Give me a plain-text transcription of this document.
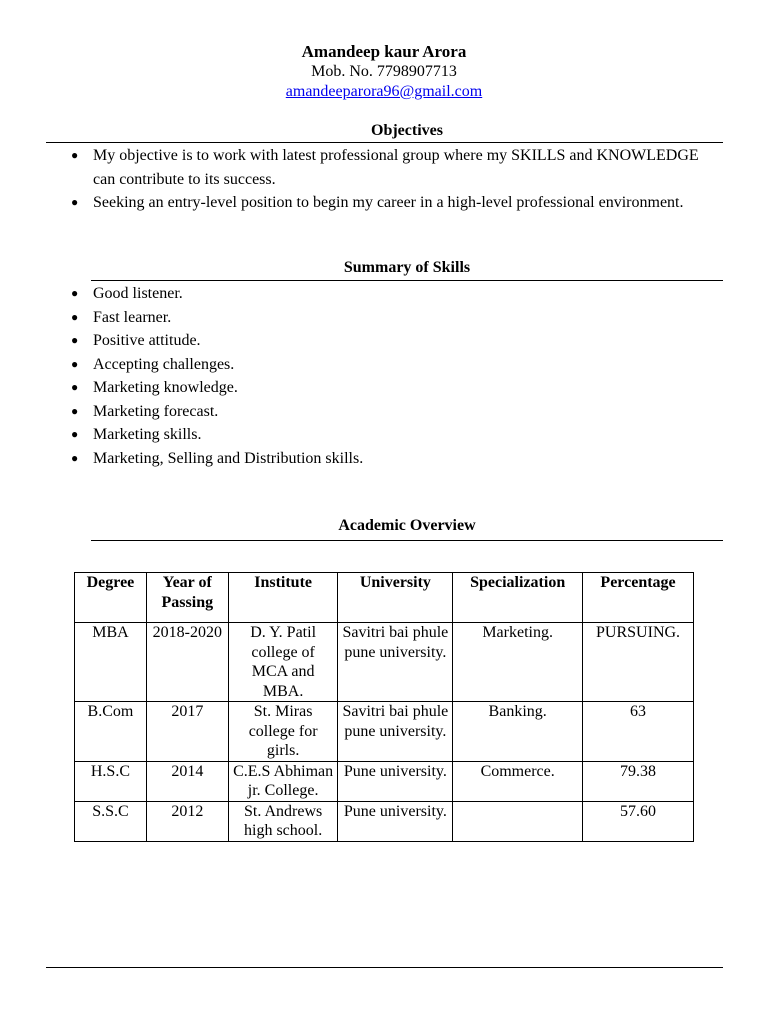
Amandeep kaur Arora
Mob. No. 7798907713
amandeeparora96@gmail.com
Objectives
● My objective is to work with latest professional group where my SKILLS and KNOWLEDGE can contribute to its success.
● Seeking an entry-level position to begin my career in a high-level professional environment.
Summary of Skills
● Good listener.
● Fast learner.
● Positive attitude.
● Accepting challenges.
● Marketing knowledge.
● Marketing forecast.
● Marketing skills.
● Marketing, Selling and Distribution skills.
Academic Overview
Degree	Year of Passing	Institute	University	Specialization	Percentage
MBA	2018-2020	D. Y. Patil college of MCA and MBA.	Savitri bai phule pune university.	Marketing.	PURSUING.
B.Com	2017	St. Miras college for girls.	Savitri bai phule pune university.	Banking.	63
H.S.C	2014	C.E.S Abhiman jr. College.	Pune university.	Commerce.	79.38
S.S.C	2012	St. Andrews high school.	Pune university.		57.60
